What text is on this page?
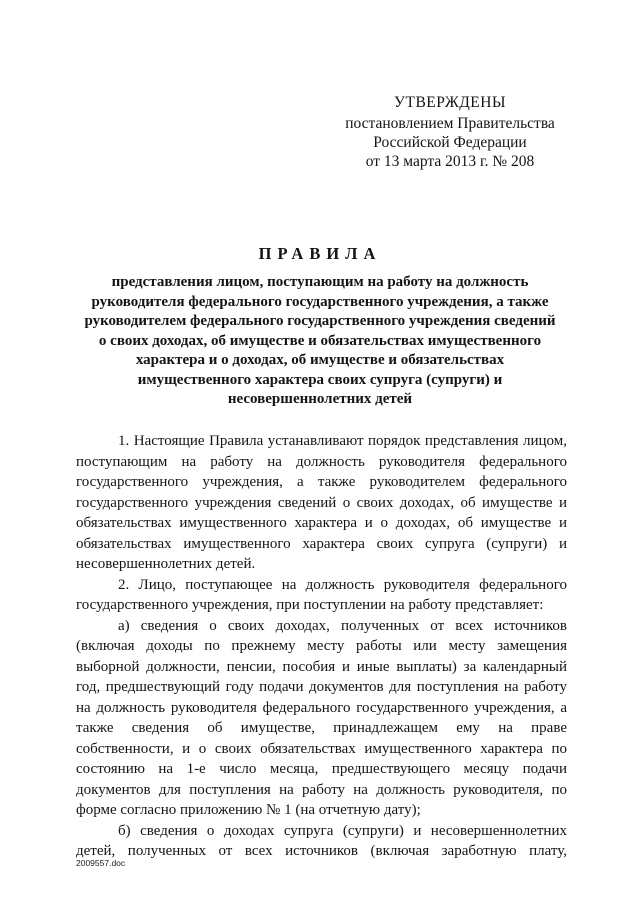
УТВЕРЖДЕНЫ
постановлением Правительства
Российской Федерации
от 13 марта 2013 г. № 208
ПРАВИЛА
представления лицом, поступающим на работу на должность
руководителя федерального государственного учреждения, а также
руководителем федерального государственного учреждения сведений
о своих доходах, об имуществе и обязательствах имущественного
характера и о доходах, об имуществе и обязательствах
имущественного характера своих супруга (супруги) и
несовершеннолетних детей
1. Настоящие Правила устанавливают порядок представления лицом,
поступающим на работу на должность руководителя федерального
государственного учреждения, а также руководителем федерального
государственного учреждения сведений о своих доходах, об имуществе и
обязательствах имущественного характера и о доходах, об имуществе и
обязательствах имущественного характера своих супруга (супруги) и
несовершеннолетних детей.
2. Лицо, поступающее на должность руководителя федерального
государственного учреждения, при поступлении на работу представляет:
а) сведения о своих доходах, полученных от всех источников
(включая доходы по прежнему месту работы или месту замещения
выборной должности, пенсии, пособия и иные выплаты) за календарный
год, предшествующий году подачи документов для поступления на работу
на должность руководителя федерального государственного учреждения, а
также сведения об имуществе, принадлежащем ему на праве
собственности, и о своих обязательствах имущественного характера по
состоянию на 1-е число месяца, предшествующего месяцу подачи
документов для поступления на работу на должность руководителя, по
форме согласно приложению № 1 (на отчетную дату);
б) сведения о доходах супруга (супруги) и несовершеннолетних
детей, полученных от всех источников (включая заработную плату,
2009557.doc
